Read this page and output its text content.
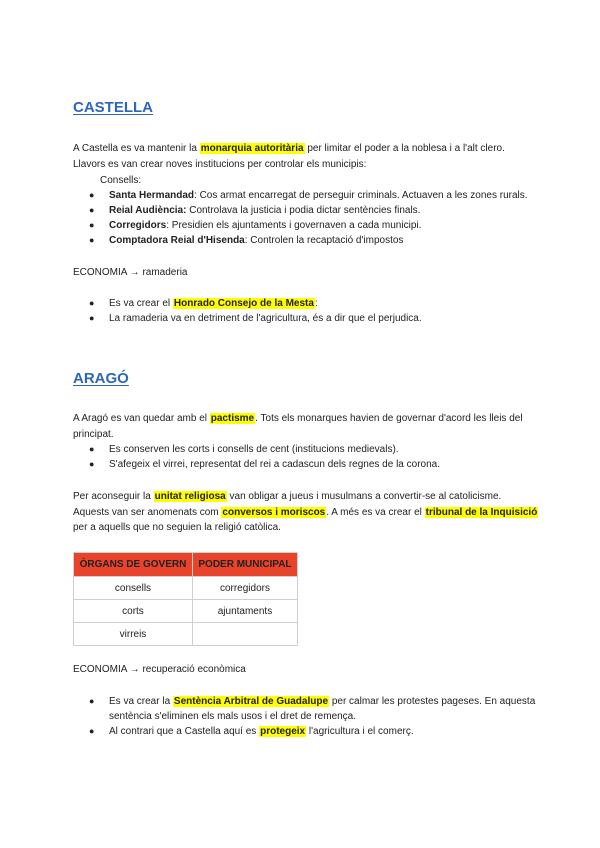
CASTELLA
A Castella es va mantenir la monarquia autoritària per limitar el poder a la noblesa i a l'alt clero.
Llavors es van crear noves institucions per controlar els municipis:
Consells:
● Santa Hermandad: Cos armat encarregat de perseguir criminals. Actuaven a les zones rurals.
● Reial Audiència: Controlava la justicia i podia dictar sentències finals.
● Corregidors: Presidien els ajuntaments i governaven a cada municipi.
● Comptadora Reial d'Hisenda: Controlen la recaptació d'impostos
ECONOMIA → ramaderia
● Es va crear el Honrado Consejo de la Mesta:
● La ramaderia va en detriment de l'agricultura, és a dir que el perjudica.
ARAGÓ
A Aragó es van quedar amb el pactisme. Tots els monarques havien de governar d'acord les lleis del
principat.
● Es conserven les corts i consells de cent (institucions medievals).
● S'afegeix el virrei, representat del rei a cadascun dels regnes de la corona.
Per aconseguir la unitat religiosa van obligar a jueus i musulmans a convertir-se al catolicisme.
Aquests van ser anomenats com conversos i moriscos. A més es va crear el tribunal de la Inquisició
per a aquells que no seguien la religió catòlica.
ÒRGANS DE GOVERN	PODER MUNICIPAL
consells	corregidors
corts	ajuntaments
virreis	
ECONOMIA → recuperació econòmica
● Es va crear la Sentència Arbitral de Guadalupe per calmar les protestes pageses. En aquesta sentència s'eliminen els mals usos i el dret de remença.
● Al contrari que a Castella aquí es protegeix l'agricultura i el comerç.
